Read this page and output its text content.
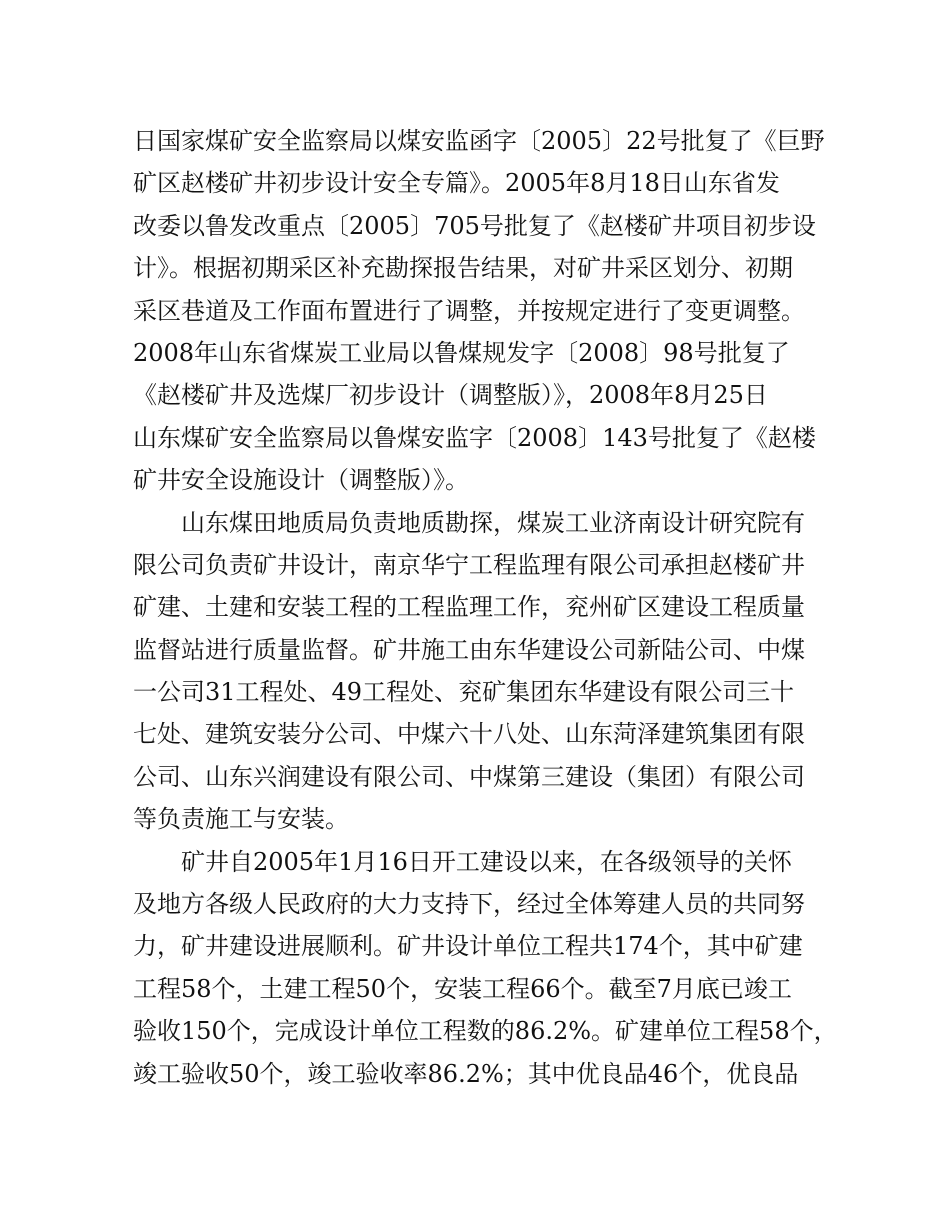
日国家煤矿安全监察局以煤安监函字〔2005〕22号批复了《巨野
矿区赵楼矿井初步设计安全专篇》。2005年8月18日山东省发
改委以鲁发改重点〔2005〕705号批复了《赵楼矿井项目初步设
计》。根据初期采区补充勘探报告结果，对矿井采区划分、初期
采区巷道及工作面布置进行了调整，并按规定进行了变更调整。
2008年山东省煤炭工业局以鲁煤规发字〔2008〕98号批复了
《赵楼矿井及选煤厂初步设计（调整版）》，2008年8月25日
山东煤矿安全监察局以鲁煤安监字〔2008〕143号批复了《赵楼
矿井安全设施设计（调整版）》。
山东煤田地质局负责地质勘探，煤炭工业济南设计研究院有
限公司负责矿井设计，南京华宁工程监理有限公司承担赵楼矿井
矿建、土建和安装工程的工程监理工作，兖州矿区建设工程质量
监督站进行质量监督。矿井施工由东华建设公司新陆公司、中煤
一公司31工程处、49工程处、兖矿集团东华建设有限公司三十
七处、建筑安装分公司、中煤六十八处、山东菏泽建筑集团有限
公司、山东兴润建设有限公司、中煤第三建设（集团）有限公司
等负责施工与安装。
矿井自2005年1月16日开工建设以来，在各级领导的关怀
及地方各级人民政府的大力支持下，经过全体筹建人员的共同努
力，矿井建设进展顺利。矿井设计单位工程共174个，其中矿建
工程58个，土建工程50个，安装工程66个。截至7月底已竣工
验收150个，完成设计单位工程数的86.2%。矿建单位工程58个，
竣工验收50个，竣工验收率86.2%；其中优良品46个，优良品
